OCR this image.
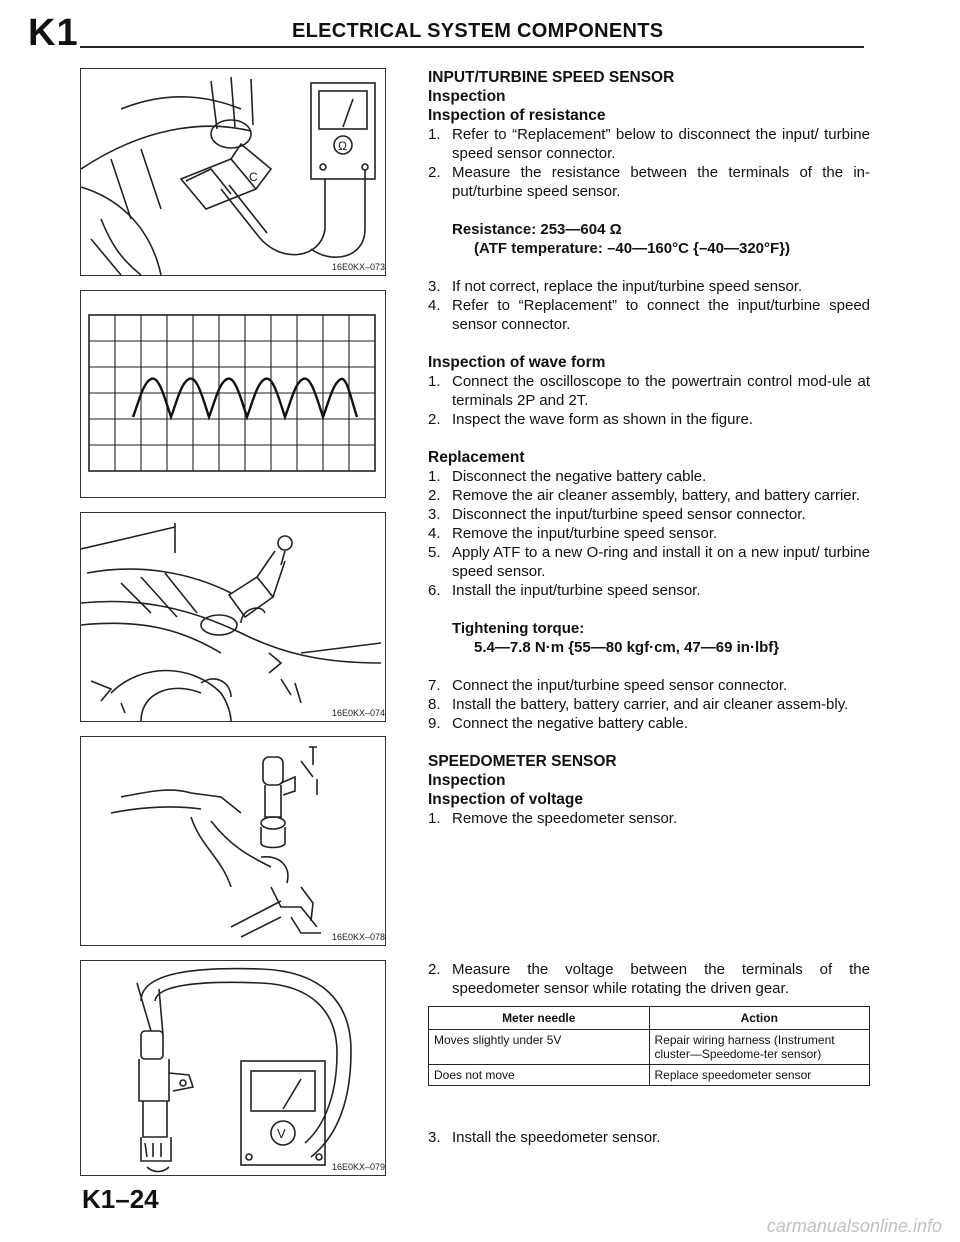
K1	ELECTRICAL SYSTEM COMPONENTS
C
Ω
16E0KX–073
16E0KX–074
16E0KX–078
V
16E0KX–079
INPUT/TURBINE SPEED SENSOR
Inspection
Inspection of resistance
1. Refer to “Replacement” below to disconnect the input/ turbine speed sensor connector.
2. Measure the resistance between the terminals of the in-put/turbine speed sensor.
Resistance: 253—604 Ω
(ATF temperature: –40—160°C {–40—320°F})
3. If not correct, replace the input/turbine speed sensor.
4. Refer to “Replacement” to connect the input/turbine speed sensor connector.
Inspection of wave form
1. Connect the oscilloscope to the powertrain control mod-ule at terminals 2P and 2T.
2. Inspect the wave form as shown in the figure.
Replacement
1. Disconnect the negative battery cable.
2. Remove the air cleaner assembly, battery, and battery carrier.
3. Disconnect the input/turbine speed sensor connector.
4. Remove the input/turbine speed sensor.
5. Apply ATF to a new O-ring and install it on a new input/ turbine speed sensor.
6. Install the input/turbine speed sensor.
Tightening torque:
5.4—7.8 N·m {55—80 kgf·cm, 47—69 in·lbf}
7. Connect the input/turbine speed sensor connector.
8. Install the battery, battery carrier, and air cleaner assem-bly.
9. Connect the negative battery cable.
SPEEDOMETER SENSOR
Inspection
Inspection of voltage
1. Remove the speedometer sensor.
2. Measure the voltage between the terminals of the speedometer sensor while rotating the driven gear.
Meter needle	Action
Moves slightly under 5V	Repair wiring harness (Instrument cluster—Speedome-ter sensor)
Does not move	Replace speedometer sensor
3. Install the speedometer sensor.
K1–24
carmanualsonline.info
